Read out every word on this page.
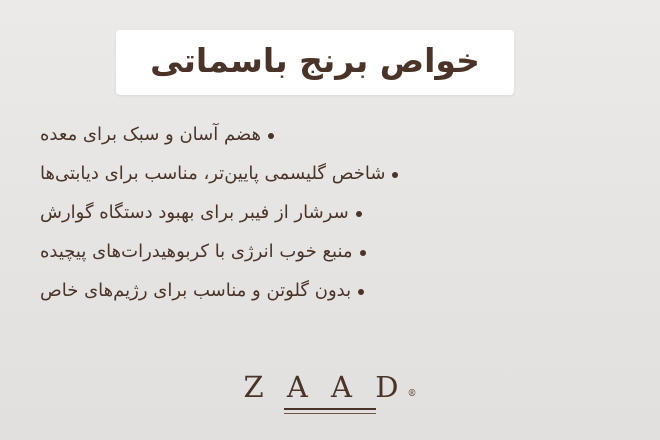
خواص برنج باسماتی
هضم آسان و سبک برای معده
شاخص گلیسمی پایین‌تر، مناسب برای دیابتی‌ها
سرشار از فیبر برای بهبود دستگاه گوارش
منبع خوب انرژی با کربوهیدرات‌های پیچیده
بدون گلوتن و مناسب برای رژیم‌های خاص
Z A A D ®
